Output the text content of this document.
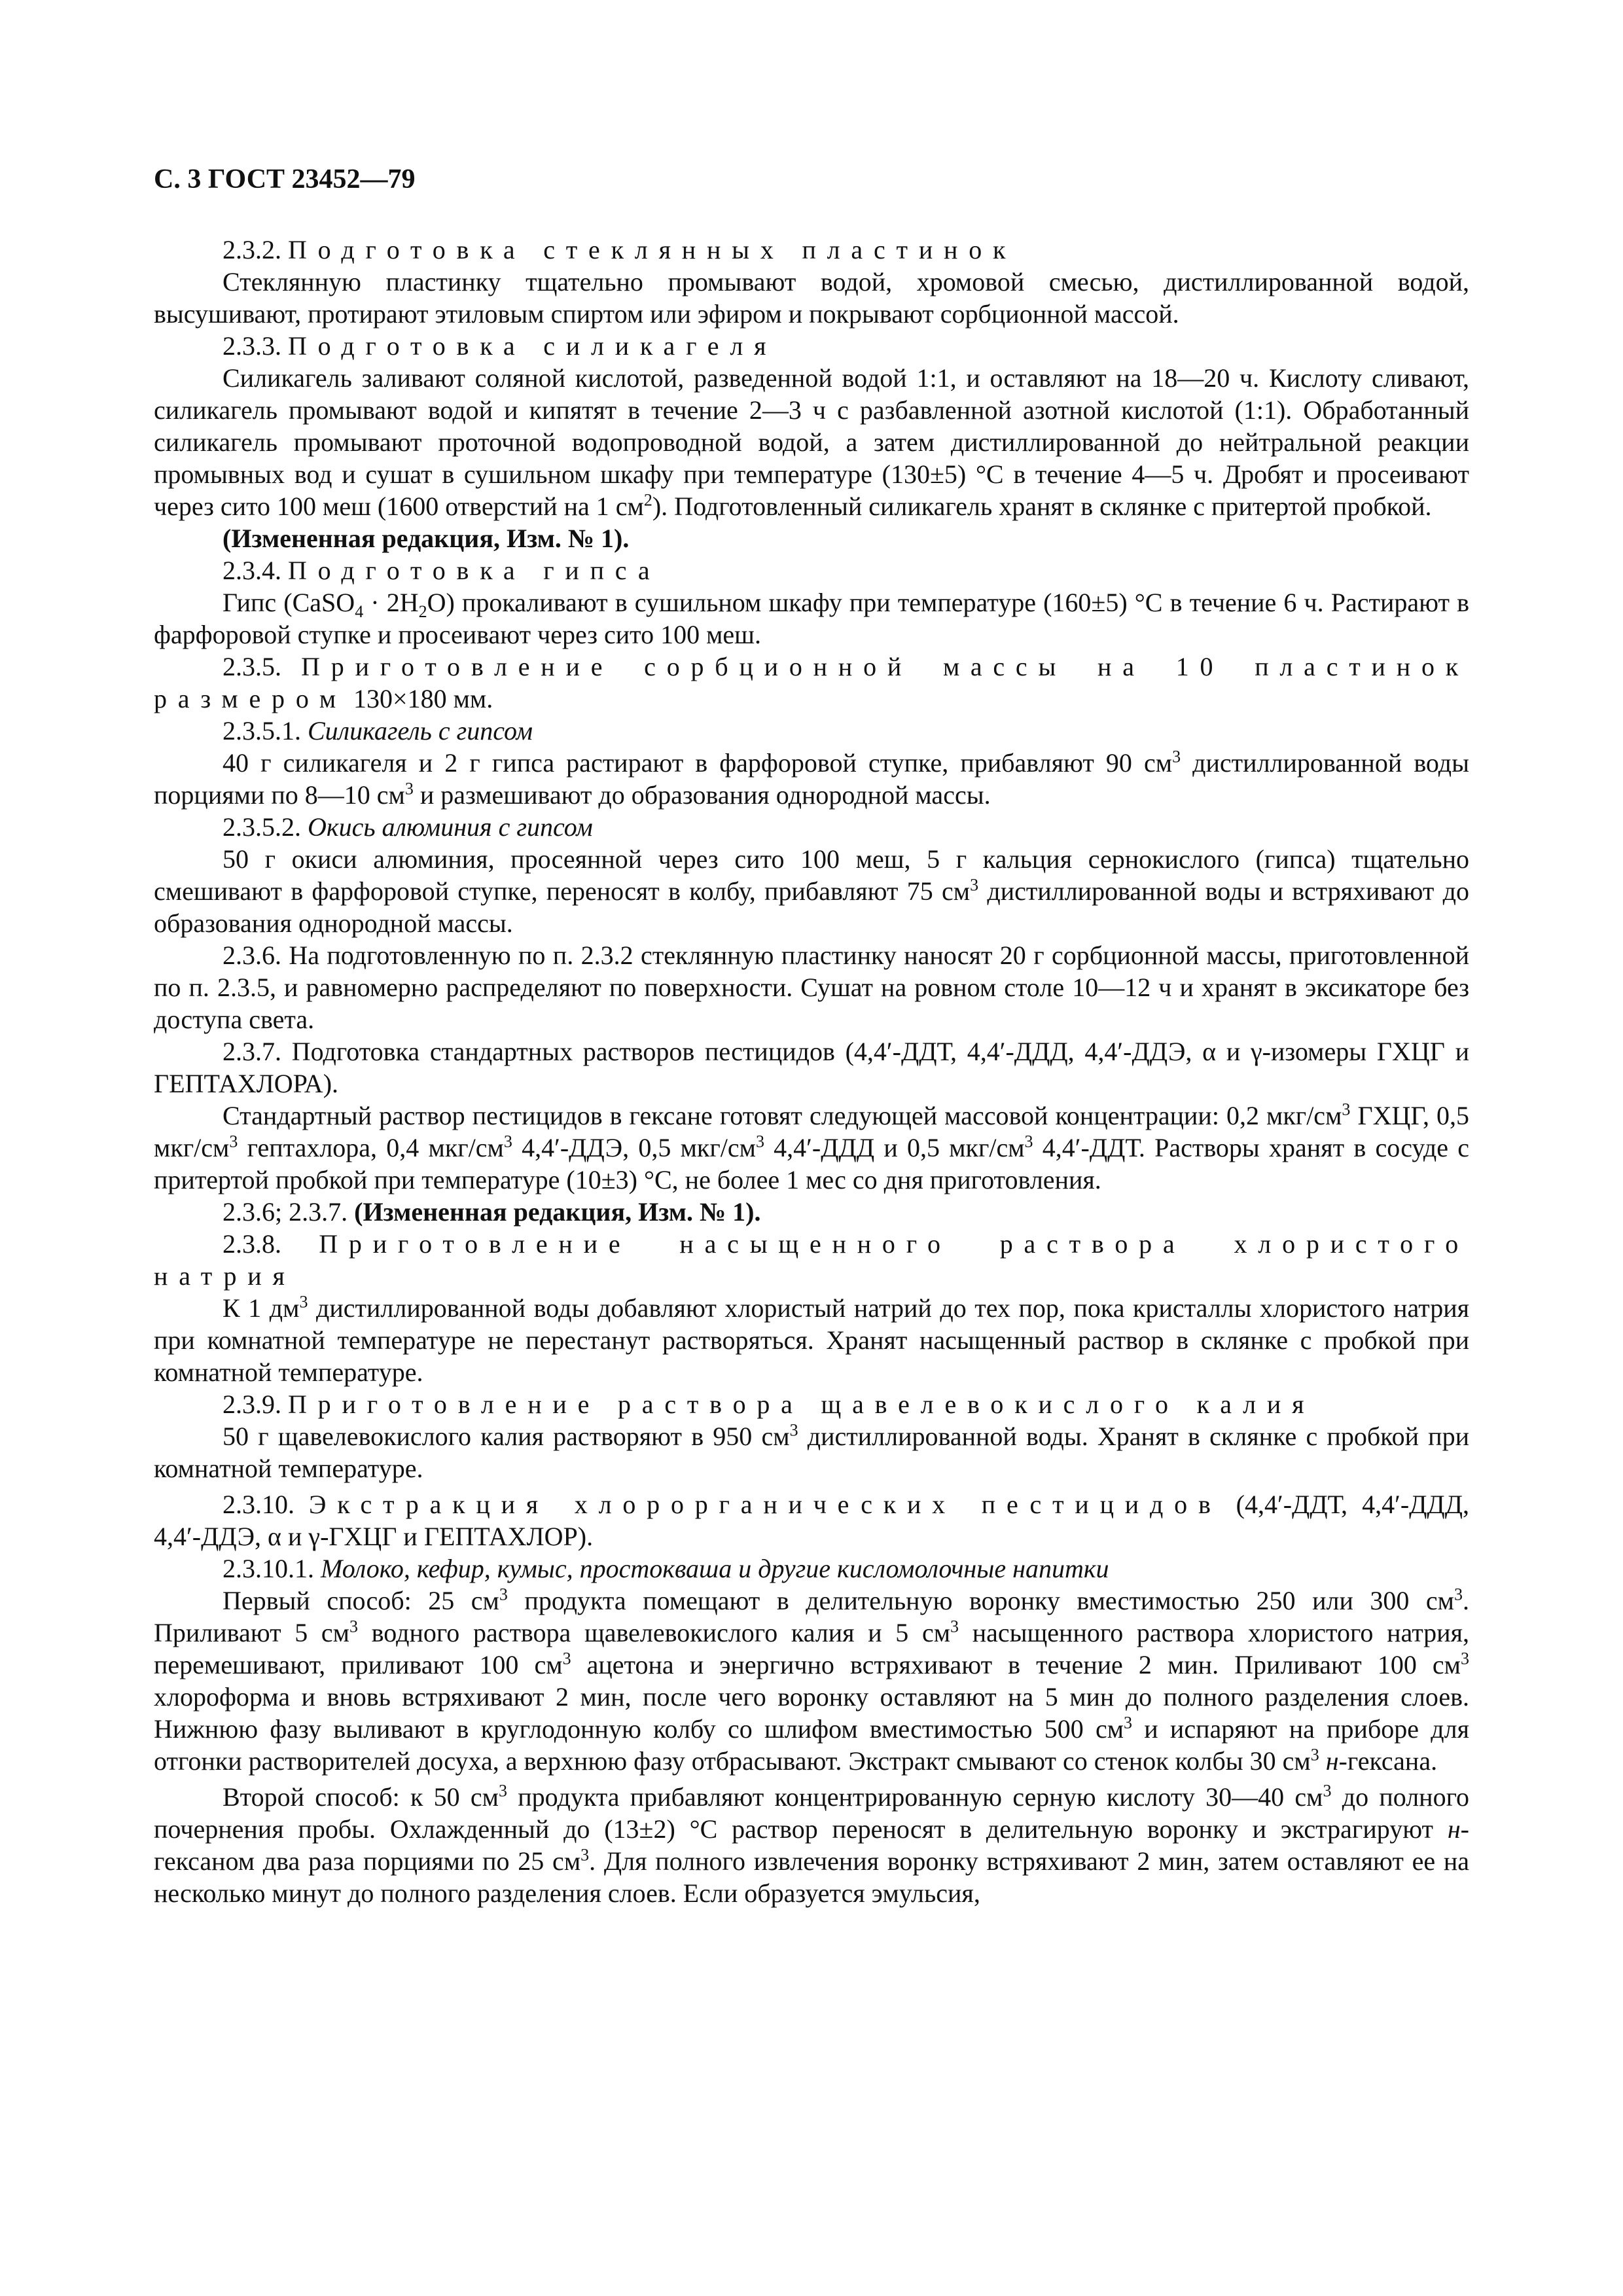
С. 3 ГОСТ 23452—79

2.3.2. Подготовка стеклянных пластинок

Стеклянную пластинку тщательно промывают водой, хромовой смесью, дистиллированной водой, высушивают, протирают этиловым спиртом или эфиром и покрывают сорбционной массой.

2.3.3. Подготовка силикагеля

Силикагель заливают соляной кислотой, разведенной водой 1:1, и оставляют на 18—20 ч. Кислоту сливают, силикагель промывают водой и кипятят в течение 2—3 ч с разбавленной азотной кислотой (1:1). Обработанный силикагель промывают проточной водопроводной водой, а затем дистиллированной до нейтральной реакции промывных вод и сушат в сушильном шкафу при температуре (130±5) °С в течение 4—5 ч. Дробят и просеивают через сито 100 меш (1600 отверстий на 1 $см^2$). Подготовленный силикагель хранят в склянке с притертой пробкой.

(Измененная редакция, Изм. № 1).

2.3.4. Подготовка гипса

Гипс (CaSO$_4$ · $2H_2O$) прокаливают в сушильном шкафу при температуре (160±5) °С в течение 6 ч. Растирают в фарфоровой ступке и просеивают через сито 100 меш.

2.3.5. Приготовление сорбционной массы на 10 пластинок размером 130×180 мм.

2.3.5.1. Силикагель с гипсом

40 г силикагеля и 2 г гипса растирают в фарфоровой ступке, прибавляют 90 $см^3$ дистиллированной воды порциями по 8—10 $см^3$ и размешивают до образования однородной массы.

2.3.5.2. Окись алюминия с гипсом

50 г окиси алюминия, просеянной через сито 100 меш, 5 г кальция сернокислого (гипса) тщательно смешивают в фарфоровой ступке, переносят в колбу, прибавляют 75 $см^3$ дистиллированной воды и встряхивают до образования однородной массы.

2.3.6. На подготовленную по п. 2.3.2 стеклянную пластинку наносят 20 г сорбционной массы, приготовленной по п. 2.3.5, и равномерно распределяют по поверхности. Сушат на ровном столе 10—12 ч и хранят в эксикаторе без доступа света.

2.3.7. Подготовка стандартных растворов пестицидов (4,4′-ДДТ, 4,4′-ДДД, 4,4′-ДДЭ, α и γ-изомеры ГХЦГ и ГЕПТАХЛОРА).

Стандартный раствор пестицидов в гексане готовят следующей массовой концентрации: 0,2 мкг/$см^3$ ГХЦГ, 0,5 мкг/$см^3$ гептахлора, 0,4 мкг/$см^3$ 4,4′-ДДЭ, 0,5 мкг/$см^3$ 4,4′-ДДД и 0,5 мкг/$см^3$ 4,4′-ДДТ. Растворы хранят в сосуде с притертой пробкой при температуре (10±3) °С, не более 1 мес со дня приготовления.

2.3.6; 2.3.7. (Измененная редакция, Изм. № 1).

2.3.8. Приготовление насыщенного раствора хлористого натрия

К 1 $дм^3$ дистиллированной воды добавляют хлористый натрий до тех пор, пока кристаллы хлористого натрия при комнатной температуре не перестанут растворяться. Хранят насыщенный раствор в склянке с пробкой при комнатной температуре.

2.3.9. Приготовление раствора щавелевокислого калия

50 г щавелевокислого калия растворяют в 950 $см^3$ дистиллированной воды. Хранят в склянке с пробкой при комнатной температуре.

2.3.10. Экстракция хлорорганических пестицидов (4,4′-ДДТ, 4,4′-ДДД, 4,4′-ДДЭ, α и γ-ГХЦГ и ГЕПТАХЛОР).

2.3.10.1. Молоко, кефир, кумыс, простокваша и другие кисломолочные напитки

Первый способ: 25 $см^3$ продукта помещают в делительную воронку вместимостью 250 или 300 $см^3$. Приливают 5 $см^3$ водного раствора щавелевокислого калия и 5 $см^3$ насыщенного раствора хлористого натрия, перемешивают, приливают 100 $см^3$ ацетона и энергично встряхивают в течение 2 мин. Приливают 100 $см^3$ хлороформа и вновь встряхивают 2 мин, после чего воронку оставляют на 5 мин до полного разделения слоев. Нижнюю фазу выливают в круглодонную колбу со шлифом вместимостью 500 $см^3$ и испаряют на приборе для отгонки растворителей досуха, а верхнюю фазу отбрасывают. Экстракт смывают со стенок колбы 30 $см^3$ н-гексана.

Второй способ: к 50 $см^3$ продукта прибавляют концентрированную серную кислоту 30—40 $см^3$ до полного почернения пробы. Охлажденный до (13±2) °С раствор переносят в делительную воронку и экстрагируют н-гексаном два раза порциями по 25 $см^3$. Для полного извлечения воронку встряхивают 2 мин, затем оставляют ее на несколько минут до полного разделения слоев. Если образуется эмульсия,
